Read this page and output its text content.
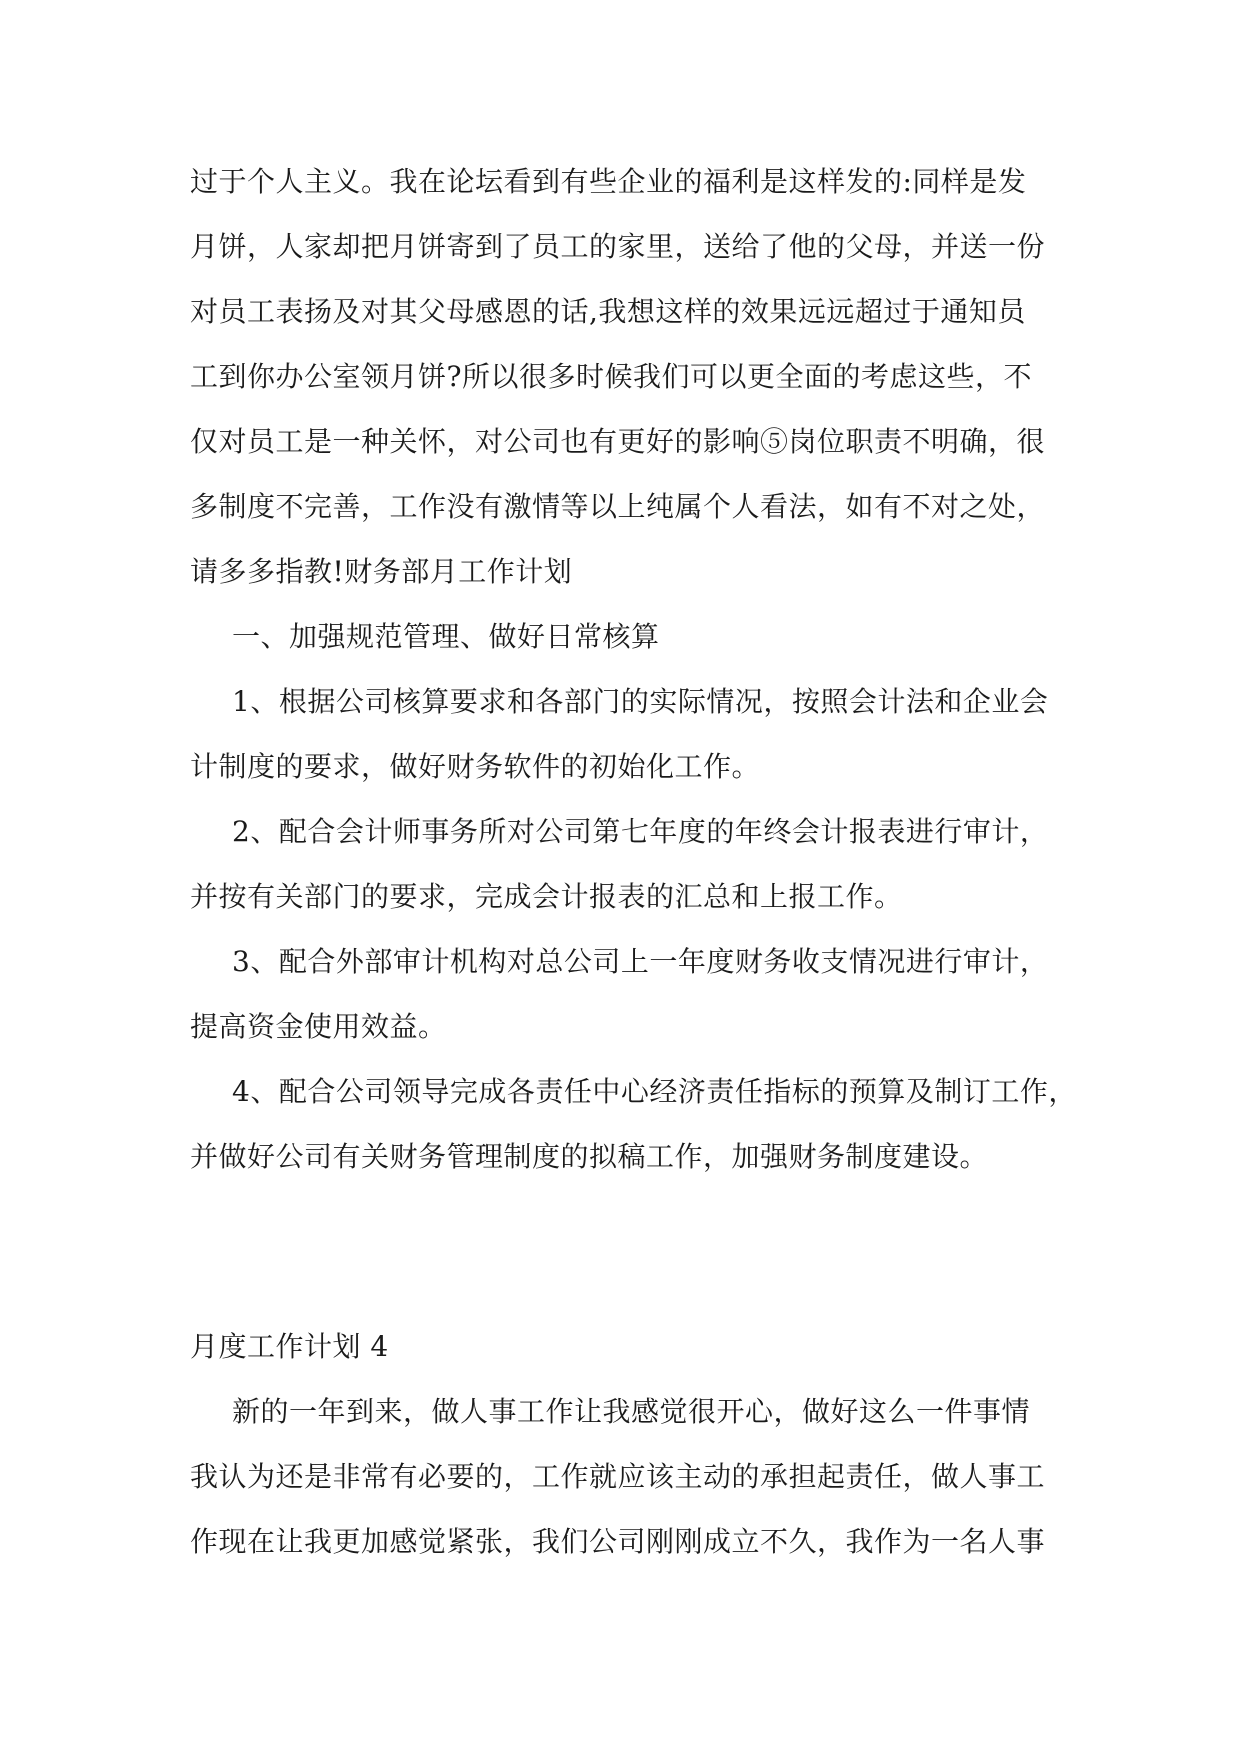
过于个人主义。我在论坛看到有些企业的福利是这样发的:同样是发
月饼，人家却把月饼寄到了员工的家里，送给了他的父母，并送一份
对员工表扬及对其父母感恩的话,我想这样的效果远远超过于通知员
工到你办公室领月饼?所以很多时候我们可以更全面的考虑这些，不
仅对员工是一种关怀，对公司也有更好的影响⑤岗位职责不明确，很
多制度不完善，工作没有激情等以上纯属个人看法，如有不对之处，
请多多指教!财务部月工作计划
一、加强规范管理、做好日常核算
1、根据公司核算要求和各部门的实际情况，按照会计法和企业会
计制度的要求，做好财务软件的初始化工作。
2、配合会计师事务所对公司第七年度的年终会计报表进行审计，
并按有关部门的要求，完成会计报表的汇总和上报工作。
3、配合外部审计机构对总公司上一年度财务收支情况进行审计，
提高资金使用效益。
4、配合公司领导完成各责任中心经济责任指标的预算及制订工作，
并做好公司有关财务管理制度的拟稿工作，加强财务制度建设。
月度工作计划 4
新的一年到来，做人事工作让我感觉很开心，做好这么一件事情
我认为还是非常有必要的，工作就应该主动的承担起责任，做人事工
作现在让我更加感觉紧张，我们公司刚刚成立不久，我作为一名人事
